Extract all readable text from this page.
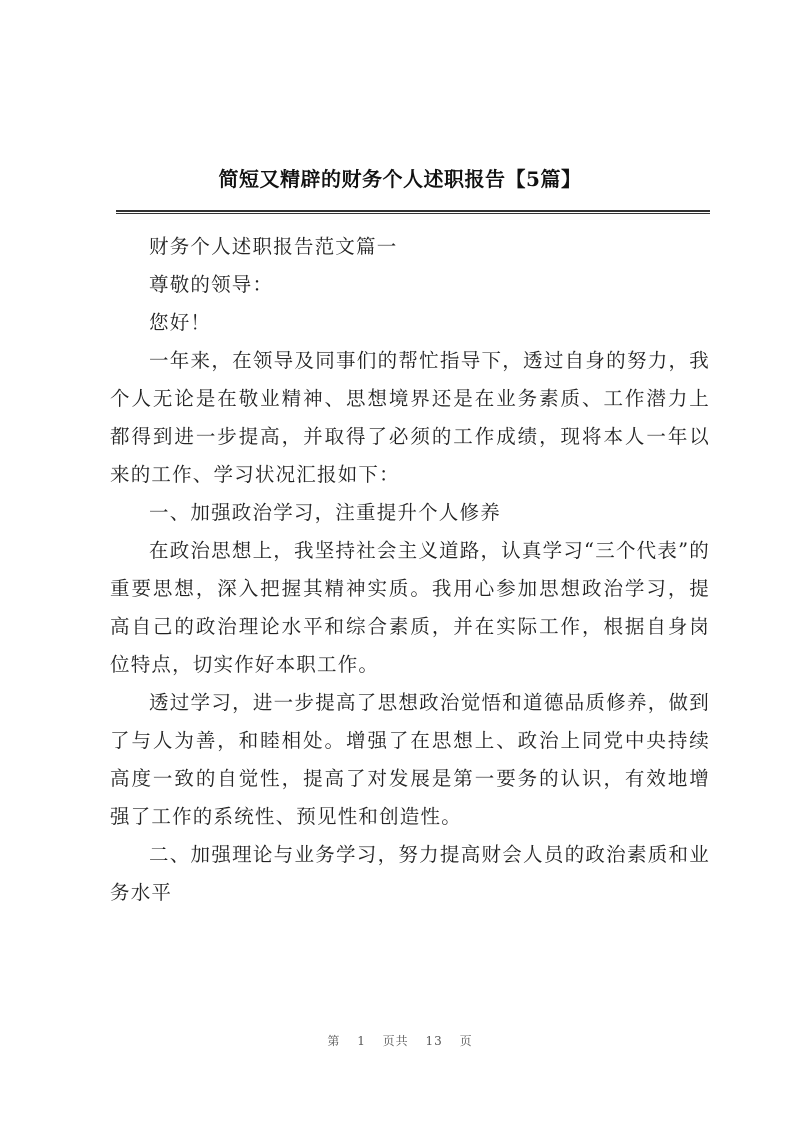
简短又精辟的财务个人述职报告【5篇】

财务个人述职报告范文篇一

尊敬的领导：

您好！

一年来，在领导及同事们的帮忙指导下，透过自身的努力，我个人无论是在敬业精神、思想境界还是在业务素质、工作潜力上都得到进一步提高，并取得了必须的工作成绩，现将本人一年以来的工作、学习状况汇报如下：

一、加强政治学习，注重提升个人修养

在政治思想上，我坚持社会主义道路，认真学习“三个代表”的重要思想，深入把握其精神实质。我用心参加思想政治学习，提高自己的政治理论水平和综合素质，并在实际工作，根据自身岗位特点，切实作好本职工作。

透过学习，进一步提高了思想政治觉悟和道德品质修养，做到了与人为善，和睦相处。增强了在思想上、政治上同党中央持续高度一致的自觉性，提高了对发展是第一要务的认识，有效地增强了工作的系统性、预见性和创造性。

二、加强理论与业务学习，努力提高财会人员的政治素质和业务水平

第 1 页共 13 页
